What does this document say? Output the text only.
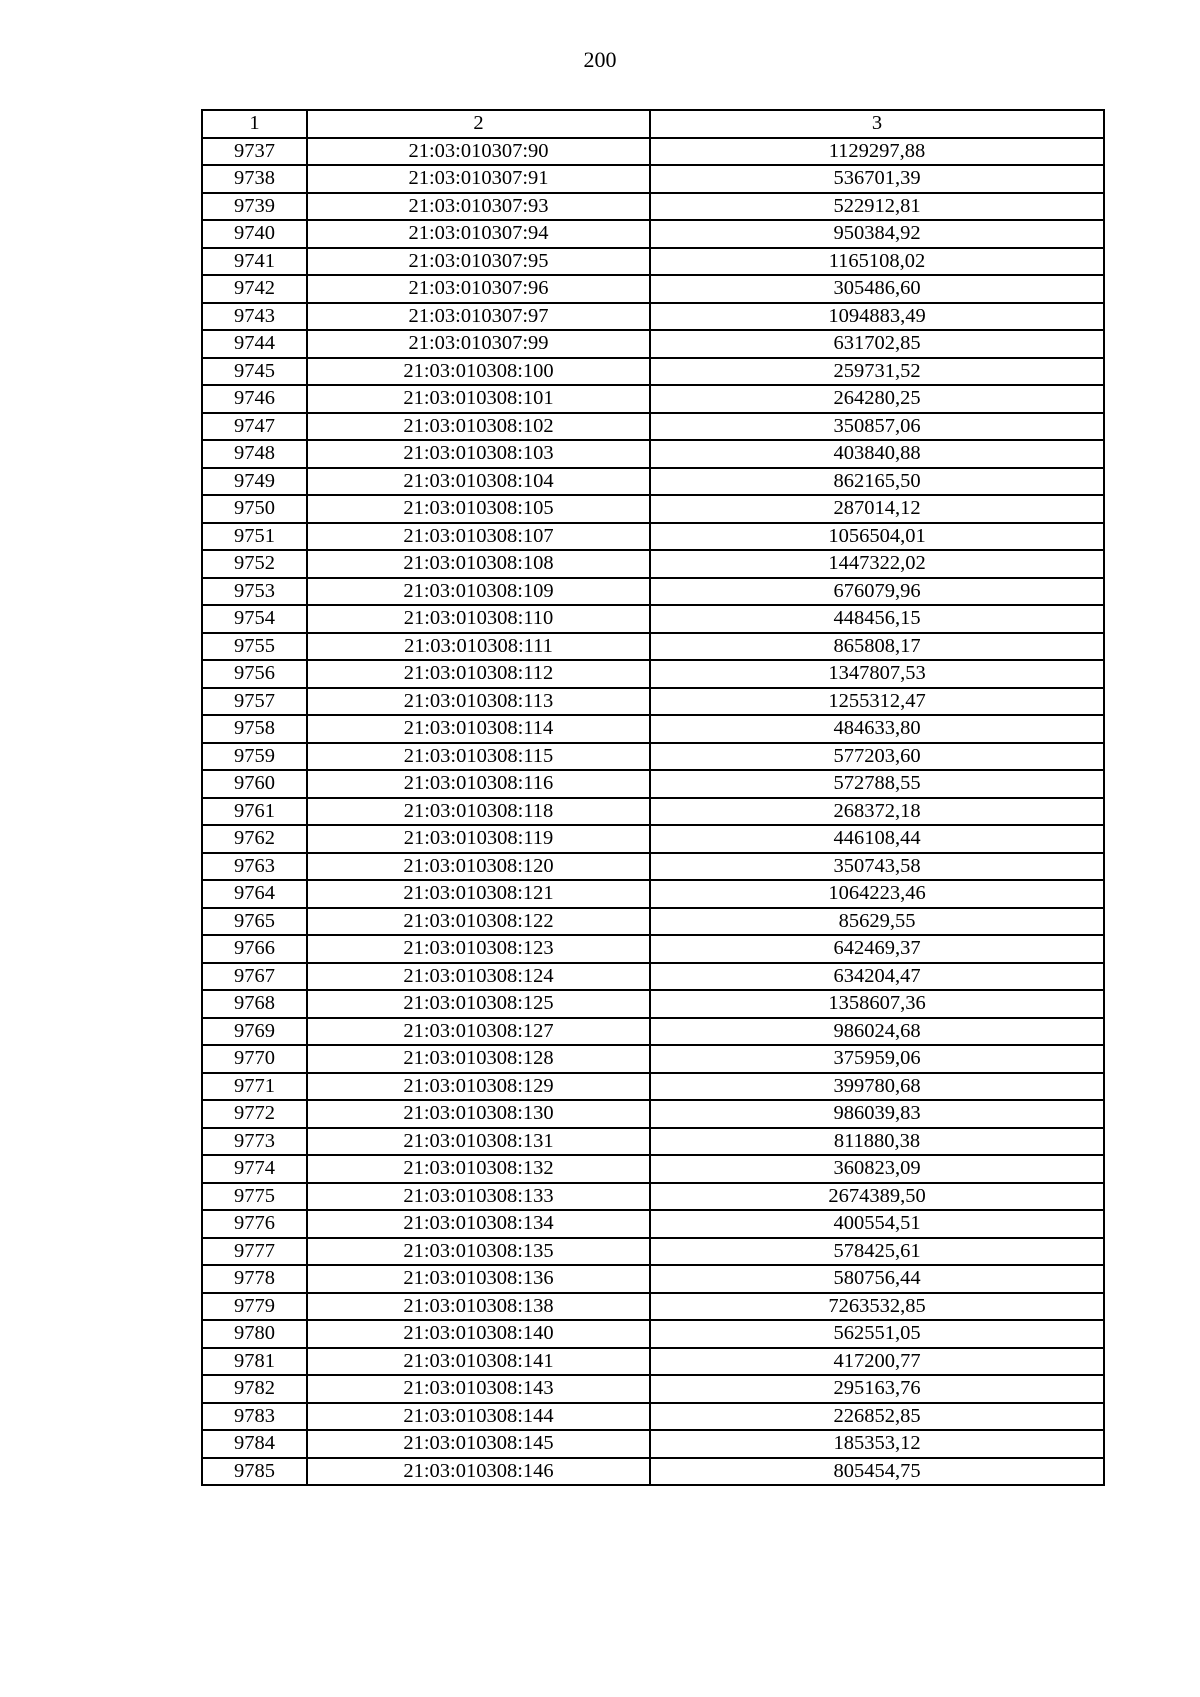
200
1	2	3
9737	21:03:010307:90	1129297,88
9738	21:03:010307:91	536701,39
9739	21:03:010307:93	522912,81
9740	21:03:010307:94	950384,92
9741	21:03:010307:95	1165108,02
9742	21:03:010307:96	305486,60
9743	21:03:010307:97	1094883,49
9744	21:03:010307:99	631702,85
9745	21:03:010308:100	259731,52
9746	21:03:010308:101	264280,25
9747	21:03:010308:102	350857,06
9748	21:03:010308:103	403840,88
9749	21:03:010308:104	862165,50
9750	21:03:010308:105	287014,12
9751	21:03:010308:107	1056504,01
9752	21:03:010308:108	1447322,02
9753	21:03:010308:109	676079,96
9754	21:03:010308:110	448456,15
9755	21:03:010308:111	865808,17
9756	21:03:010308:112	1347807,53
9757	21:03:010308:113	1255312,47
9758	21:03:010308:114	484633,80
9759	21:03:010308:115	577203,60
9760	21:03:010308:116	572788,55
9761	21:03:010308:118	268372,18
9762	21:03:010308:119	446108,44
9763	21:03:010308:120	350743,58
9764	21:03:010308:121	1064223,46
9765	21:03:010308:122	85629,55
9766	21:03:010308:123	642469,37
9767	21:03:010308:124	634204,47
9768	21:03:010308:125	1358607,36
9769	21:03:010308:127	986024,68
9770	21:03:010308:128	375959,06
9771	21:03:010308:129	399780,68
9772	21:03:010308:130	986039,83
9773	21:03:010308:131	811880,38
9774	21:03:010308:132	360823,09
9775	21:03:010308:133	2674389,50
9776	21:03:010308:134	400554,51
9777	21:03:010308:135	578425,61
9778	21:03:010308:136	580756,44
9779	21:03:010308:138	7263532,85
9780	21:03:010308:140	562551,05
9781	21:03:010308:141	417200,77
9782	21:03:010308:143	295163,76
9783	21:03:010308:144	226852,85
9784	21:03:010308:145	185353,12
9785	21:03:010308:146	805454,75
